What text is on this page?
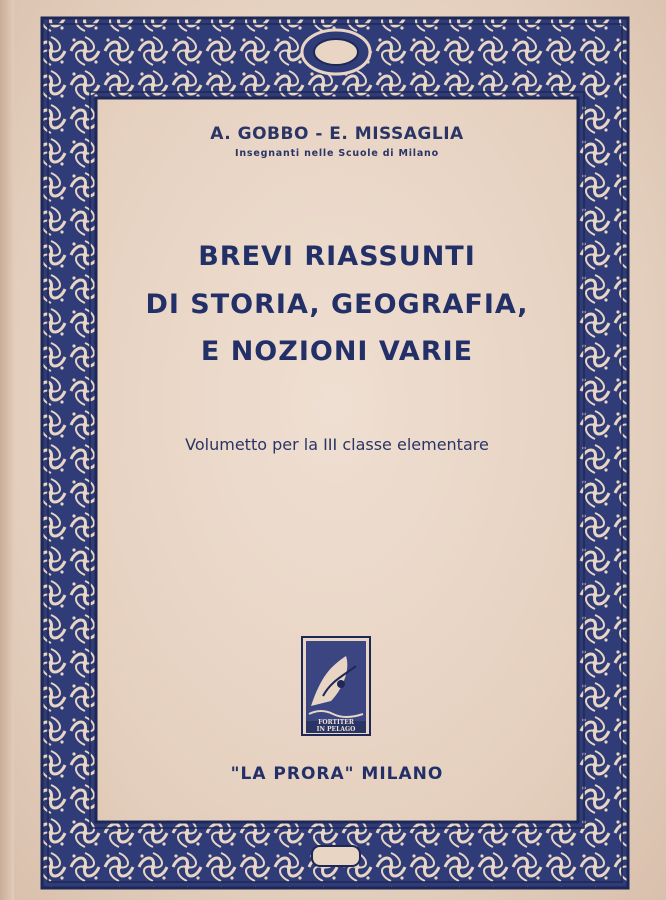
A. GOBBO - E. MISSAGLIA
Insegnanti nelle Scuole di Milano
BREVI RIASSUNTI
DI STORIA, GEOGRAFIA,
E NOZIONI VARIE
Volumetto per la III classe elementare
FORTITER
IN PELAGO
"LA PRORA" MILANO
